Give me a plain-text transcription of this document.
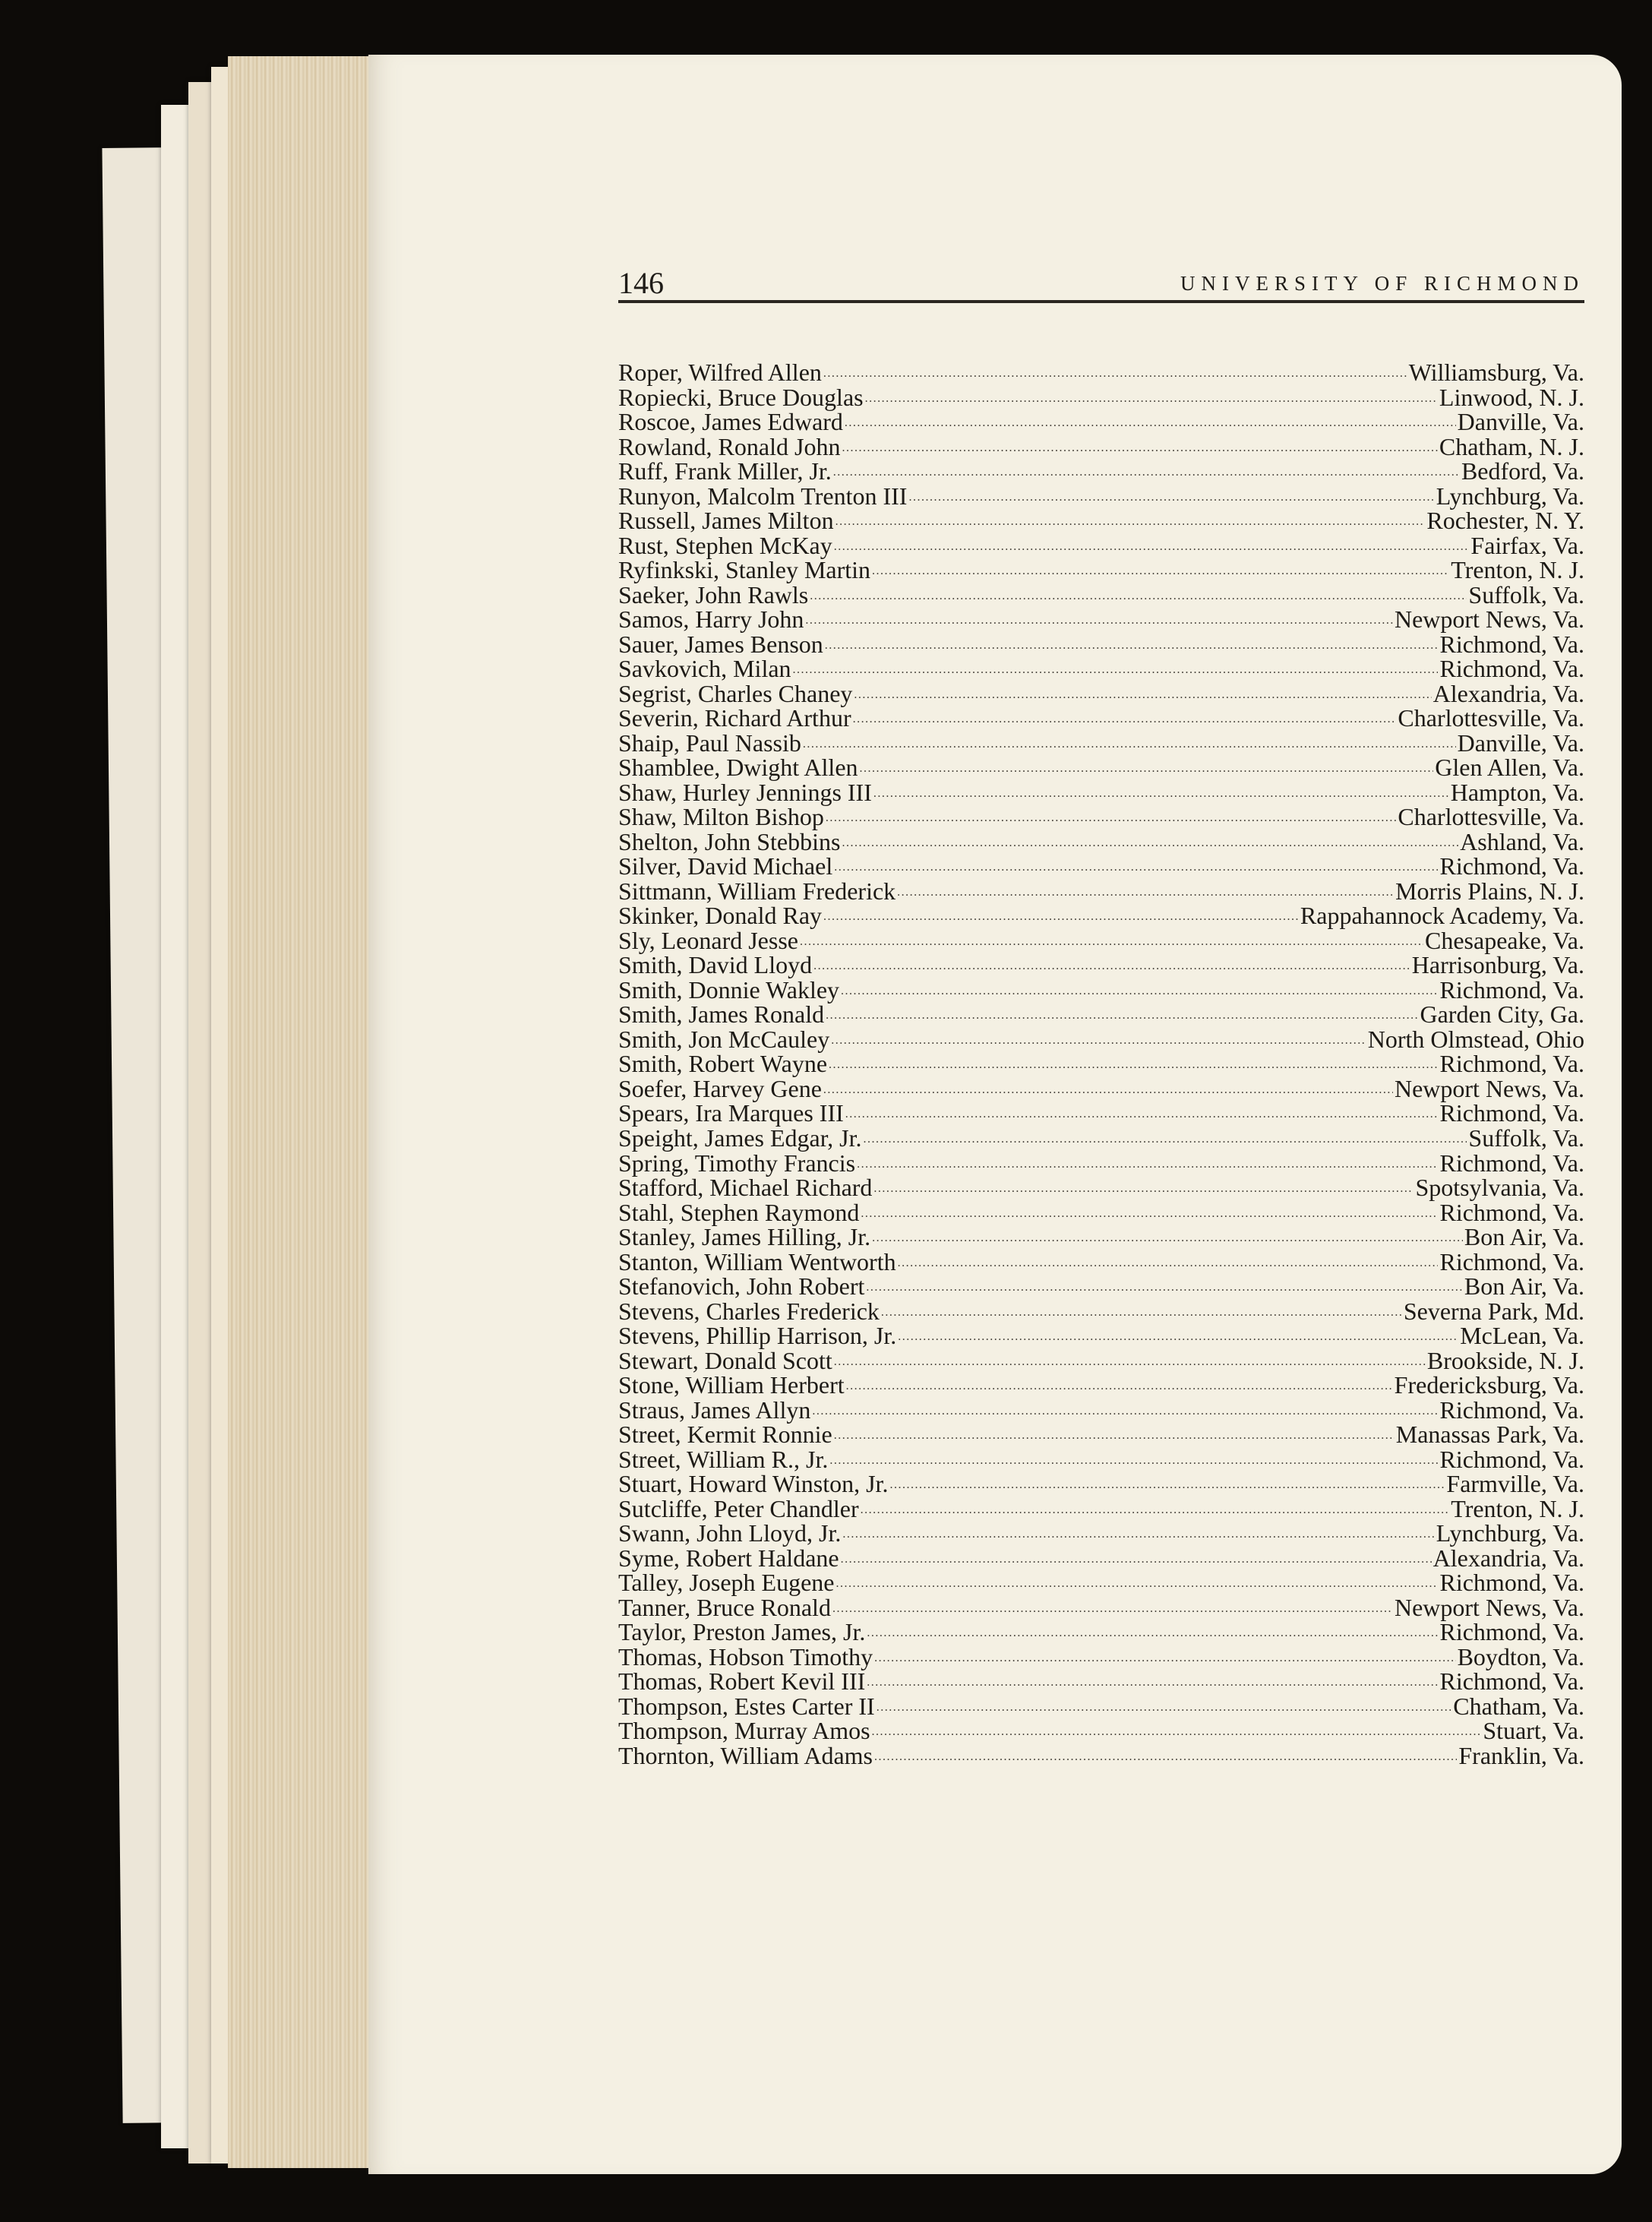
146	UNIVERSITY OF RICHMOND
Roper, Wilfred Allen .....	Williamsburg, Va.
Ropiecki, Bruce Douglas .....	Linwood, N. J.
Roscoe, James Edward .....	Danville, Va.
Rowland, Ronald John .....	Chatham, N. J.
Ruff, Frank Miller, Jr. .....	Bedford, Va.
Runyon, Malcolm Trenton III .....	Lynchburg, Va.
Russell, James Milton .....	Rochester, N. Y.
Rust, Stephen McKay .....	Fairfax, Va.
Ryfinkski, Stanley Martin .....	Trenton, N. J.
Saeker, John Rawls .....	Suffolk, Va.
Samos, Harry John .....	Newport News, Va.
Sauer, James Benson .....	Richmond, Va.
Savkovich, Milan .....	Richmond, Va.
Segrist, Charles Chaney .....	Alexandria, Va.
Severin, Richard Arthur .....	Charlottesville, Va.
Shaip, Paul Nassib .....	Danville, Va.
Shamblee, Dwight Allen .....	Glen Allen, Va.
Shaw, Hurley Jennings III .....	Hampton, Va.
Shaw, Milton Bishop .....	Charlottesville, Va.
Shelton, John Stebbins .....	Ashland, Va.
Silver, David Michael .....	Richmond, Va.
Sittmann, William Frederick .....	Morris Plains, N. J.
Skinker, Donald Ray .....	Rappahannock Academy, Va.
Sly, Leonard Jesse .....	Chesapeake, Va.
Smith, David Lloyd .....	Harrisonburg, Va.
Smith, Donnie Wakley .....	Richmond, Va.
Smith, James Ronald .....	Garden City, Ga.
Smith, Jon McCauley .....	North Olmstead, Ohio
Smith, Robert Wayne .....	Richmond, Va.
Soefer, Harvey Gene .....	Newport News, Va.
Spears, Ira Marques III .....	Richmond, Va.
Speight, James Edgar, Jr. .....	Suffolk, Va.
Spring, Timothy Francis .....	Richmond, Va.
Stafford, Michael Richard .....	Spotsylvania, Va.
Stahl, Stephen Raymond .....	Richmond, Va.
Stanley, James Hilling, Jr. .....	Bon Air, Va.
Stanton, William Wentworth .....	Richmond, Va.
Stefanovich, John Robert .....	Bon Air, Va.
Stevens, Charles Frederick .....	Severna Park, Md.
Stevens, Phillip Harrison, Jr. .....	McLean, Va.
Stewart, Donald Scott .....	Brookside, N. J.
Stone, William Herbert .....	Fredericksburg, Va.
Straus, James Allyn .....	Richmond, Va.
Street, Kermit Ronnie .....	Manassas Park, Va.
Street, William R., Jr. .....	Richmond, Va.
Stuart, Howard Winston, Jr. .....	Farmville, Va.
Sutcliffe, Peter Chandler .....	Trenton, N. J.
Swann, John Lloyd, Jr. .....	Lynchburg, Va.
Syme, Robert Haldane .....	Alexandria, Va.
Talley, Joseph Eugene .....	Richmond, Va.
Tanner, Bruce Ronald .....	Newport News, Va.
Taylor, Preston James, Jr. .....	Richmond, Va.
Thomas, Hobson Timothy .....	Boydton, Va.
Thomas, Robert Kevil III .....	Richmond, Va.
Thompson, Estes Carter II .....	Chatham, Va.
Thompson, Murray Amos .....	Stuart, Va.
Thornton, William Adams .....	Franklin, Va.
